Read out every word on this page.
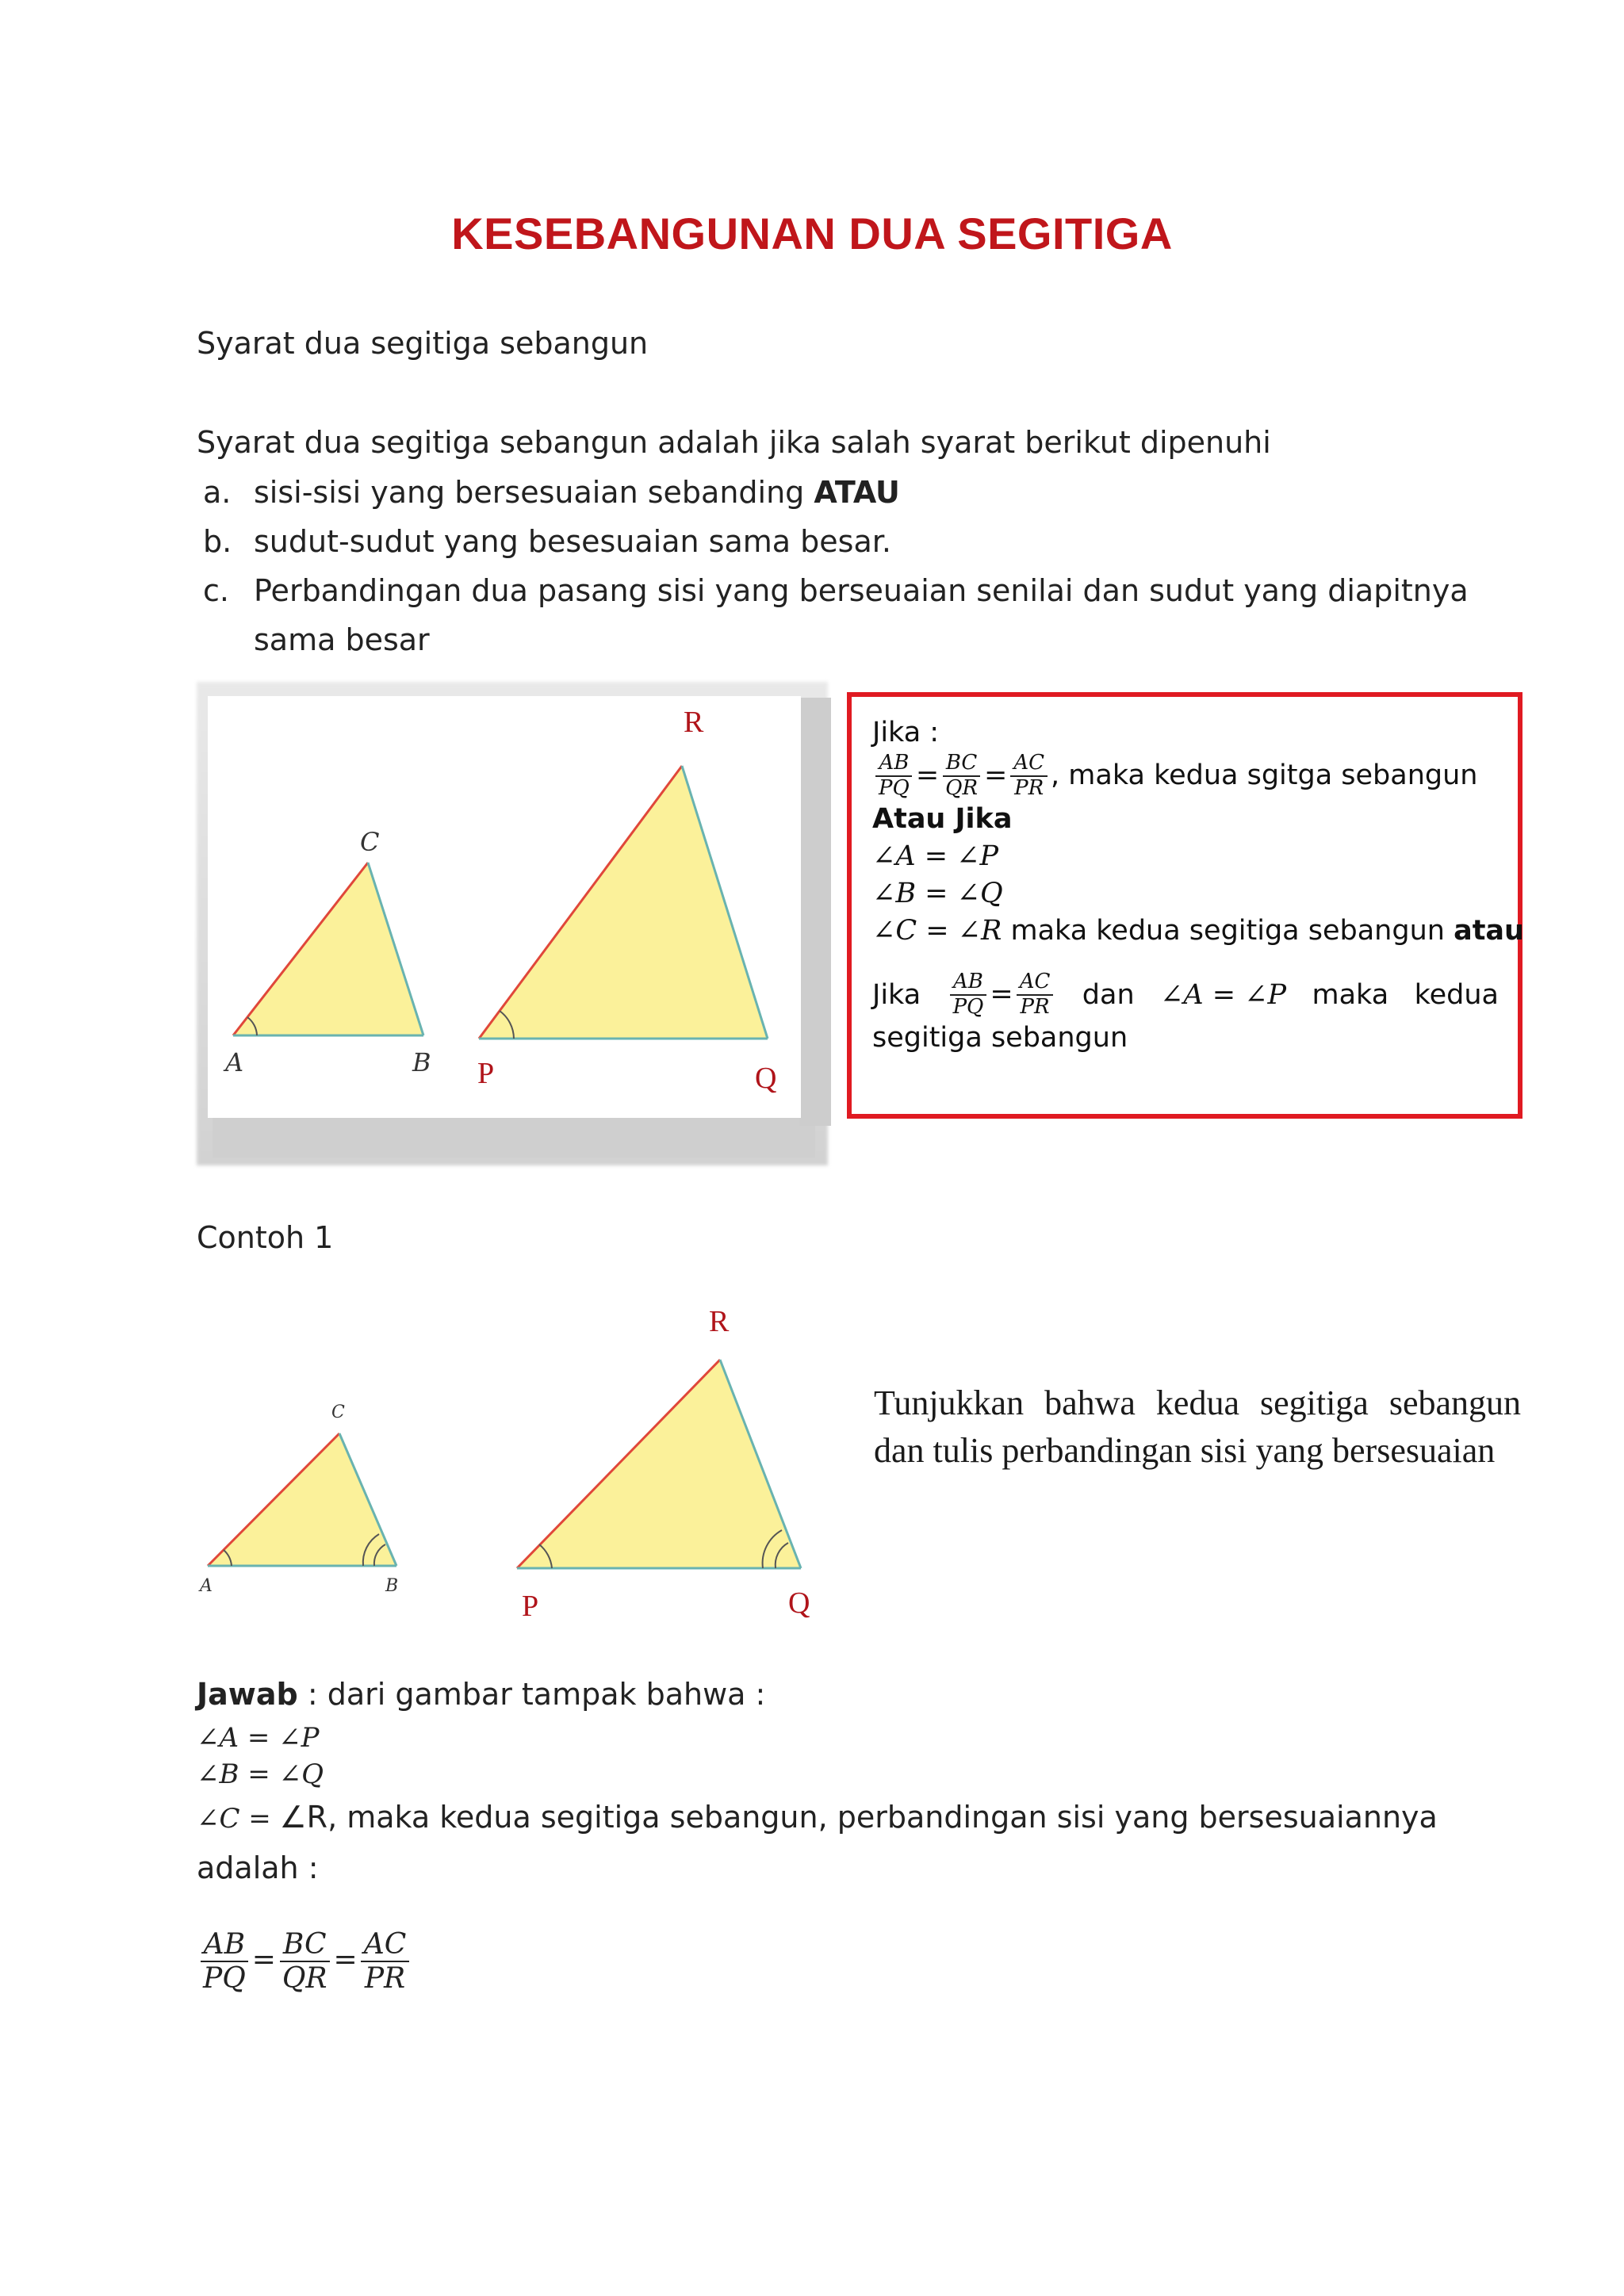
KESEBANGUNAN DUA SEGITIGA
Syarat dua segitiga sebangun
Syarat dua segitiga sebangun adalah jika salah syarat berikut dipenuhi
a. sisi-sisi yang bersesuaian sebanding ATAU
b. sudut-sudut yang besesuaian sama besar.
c. Perbandingan dua pasang sisi yang berseuaian senilai dan sudut yang diapitnya sama besar
A	B
C
P	Q
R	Jika :
$\frac{AB}{PQ} = \frac{BC}{QR} = \frac{AC}{PR}$ , maka kedua sgitga sebangun
Atau Jika
∠A = ∠P
∠B = ∠Q
∠C = ∠R maka kedua segitiga sebangun atau
Jika $\frac{AB}{PQ} = \frac{AC}{PR}$ dan ∠A = ∠P maka kedua
segitiga sebangun
Contoh 1
A	B
C
P	Q
R
Tunjukkan bahwa kedua segitiga sebangun dan tulis perbandingan sisi yang bersesuaian
Jawab : dari gambar tampak bahwa :
∠A = ∠P
∠B = ∠Q
∠C = ∠R, maka kedua segitiga sebangun, perbandingan sisi yang bersesuaiannya
adalah :
$\frac{AB}{PQ} = \frac{BC}{QR} = \frac{AC}{PR}$
